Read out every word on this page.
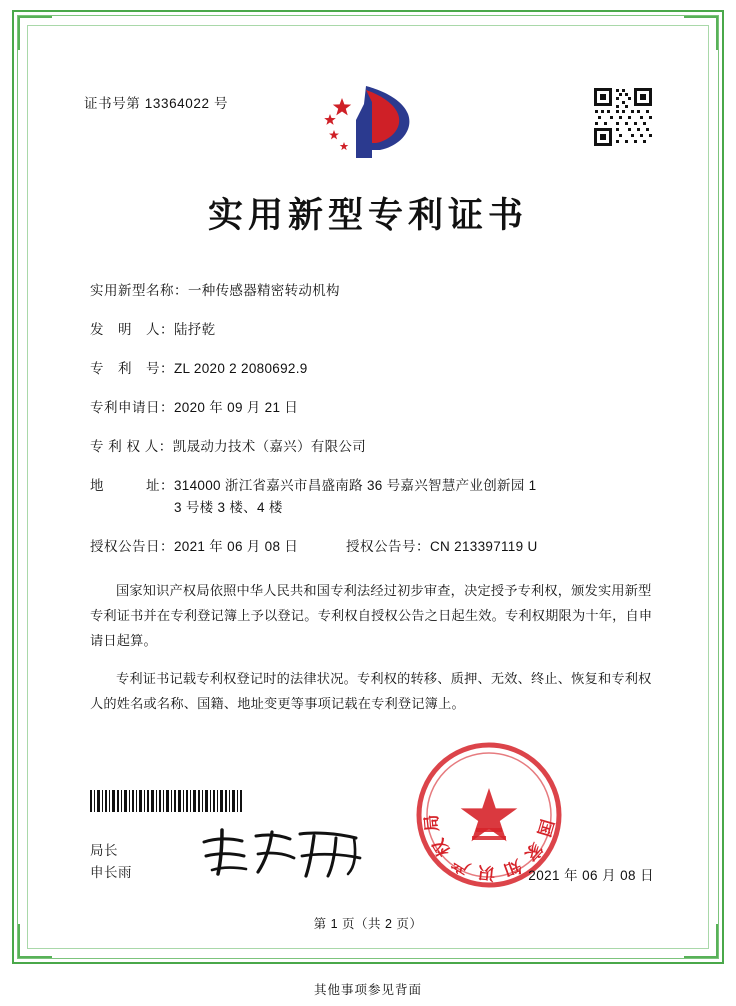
证书号第 13364022 号
实用新型专利证书
实用新型名称： 一种传感器精密转动机构
发　明　人： 陆抒乾
专　利　号： ZL 2020 2 2080692.9
专利申请日： 2020 年 09 月 21 日
专 利 权 人： 凯晟动力技术（嘉兴）有限公司
地　　　址： 314000 浙江省嘉兴市昌盛南路 36 号嘉兴智慧产业创新园 1
3 号楼 3 楼、4 楼
授权公告日： 2021 年 06 月 08 日	授权公告号： CN 213397119 U

国家知识产权局依照中华人民共和国专利法经过初步审查，决定授予专利权，颁发实用新型专利证书并在专利登记簿上予以登记。专利权自授权公告之日起生效。专利权期限为十年，自申请日起算。

专利证书记载专利权登记时的法律状况。专利权的转移、质押、无效、终止、恢复和专利权人的姓名或名称、国籍、地址变更等事项记载在专利登记簿上。

局长
申长雨
国家知识产权局
2021 年 06 月 08 日
第 1 页（共 2 页）
其他事项参见背面
